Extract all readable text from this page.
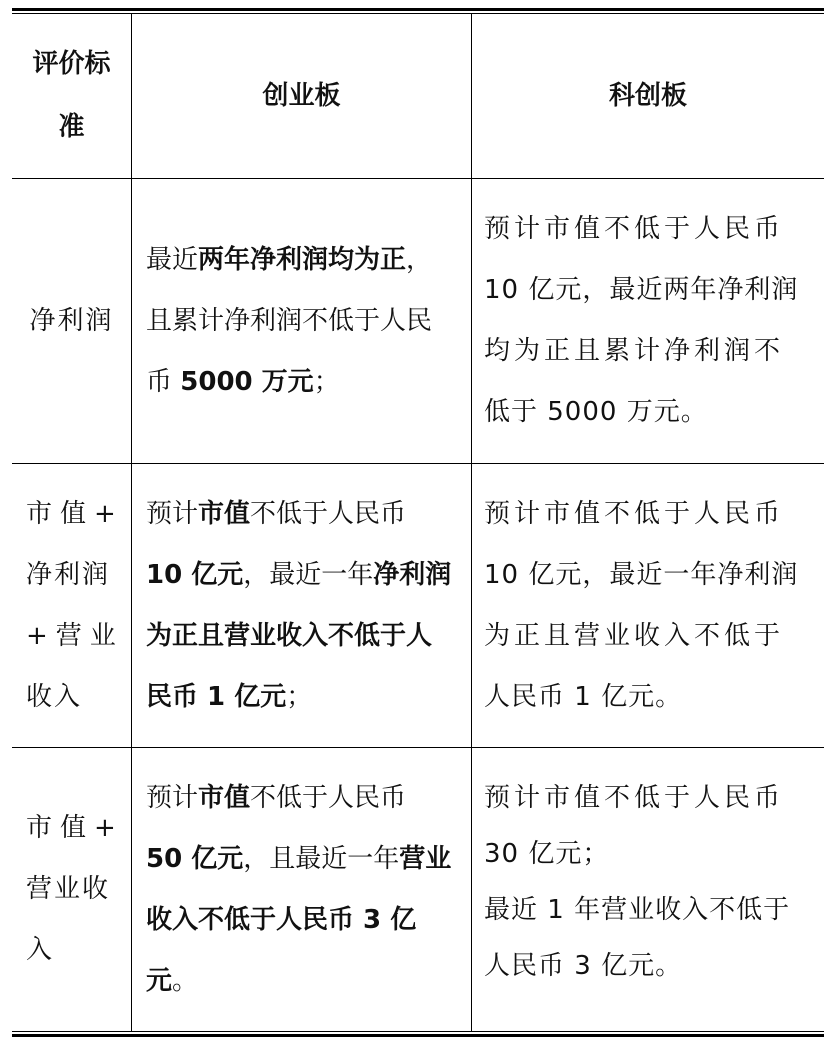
评价标
准
创业板	科创板
净利润
最近两年净利润均为正，
且累计净利润不低于人民
币 5000 万元；
预计市值不低于人民币
10 亿元，最近两年净利润
均为正且累计净利润不
低于 5000 万元。
市值+
净利润
+营业
收入
预计市值不低于人民币
10 亿元，最近一年净利润
为正且营业收入不低于人
民币 1 亿元；
预计市值不低于人民币
10 亿元，最近一年净利润
为正且营业收入不低于
人民币 1 亿元。
市值+
营业收
入
预计市值不低于人民币
50 亿元，且最近一年营业
收入不低于人民币 3 亿
元。
预计市值不低于人民币
30 亿元；
最近 1 年营业收入不低于
人民币 3 亿元。
